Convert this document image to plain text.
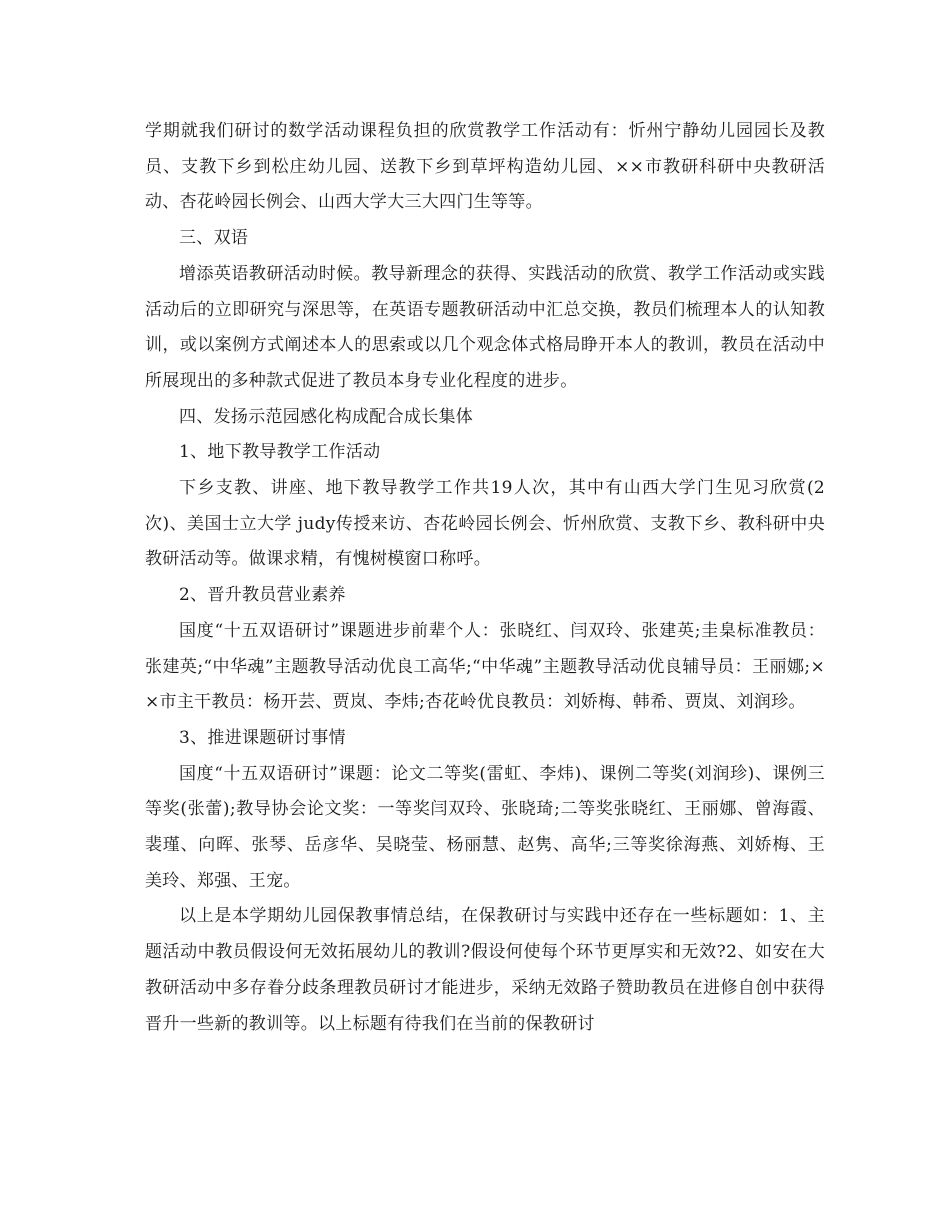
学期就我们研讨的数学活动课程负担的欣赏教学工作活动有：忻州宁静幼儿园园长及教员、支教下乡到松庄幼儿园、送教下乡到草坪构造幼儿园、××市教研科研中央教研活动、杏花岭园长例会、山西大学大三大四门生等等。

三、双语

增添英语教研活动时候。教导新理念的获得、实践活动的欣赏、教学工作活动或实践活动后的立即研究与深思等，在英语专题教研活动中汇总交换，教员们梳理本人的认知教训，或以案例方式阐述本人的思索或以几个观念体式格局睁开本人的教训，教员在活动中所展现出的多种款式促进了教员本身专业化程度的进步。

四、发扬示范园感化构成配合成长集体

1、地下教导教学工作活动

下乡支教、讲座、地下教导教学工作共19人次，其中有山西大学门生见习欣赏(2次)、美国士立大学 judy传授来访、杏花岭园长例会、忻州欣赏、支教下乡、教科研中央教研活动等。做课求精，有愧树模窗口称呼。

2、晋升教员营业素养

国度“十五双语研讨”课题进步前辈个人：张晓红、闫双玲、张建英;圭臬标准教员：张建英;“中华魂”主题教导活动优良工高华;“中华魂”主题教导活动优良辅导员：王丽娜;××市主干教员：杨开芸、贾岚、李炜;杏花岭优良教员：刘娇梅、韩希、贾岚、刘润珍。

3、推进课题研讨事情

国度“十五双语研讨”课题：论文二等奖(雷虹、李炜)、课例二等奖(刘润珍)、课例三等奖(张蕾);教导协会论文奖：一等奖闫双玲、张晓琦;二等奖张晓红、王丽娜、曾海霞、裴瑾、向晖、张琴、岳彦华、吴晓莹、杨丽慧、赵隽、高华;三等奖徐海燕、刘娇梅、王美玲、郑强、王宠。

以上是本学期幼儿园保教事情总结，在保教研讨与实践中还存在一些标题如：1、主题活动中教员假设何无效拓展幼儿的教训?假设何使每个环节更厚实和无效?2、如安在大教研活动中多存眷分歧条理教员研讨才能进步，采纳无效路子赞助教员在进修自创中获得晋升一些新的教训等。以上标题有待我们在当前的保教研讨
